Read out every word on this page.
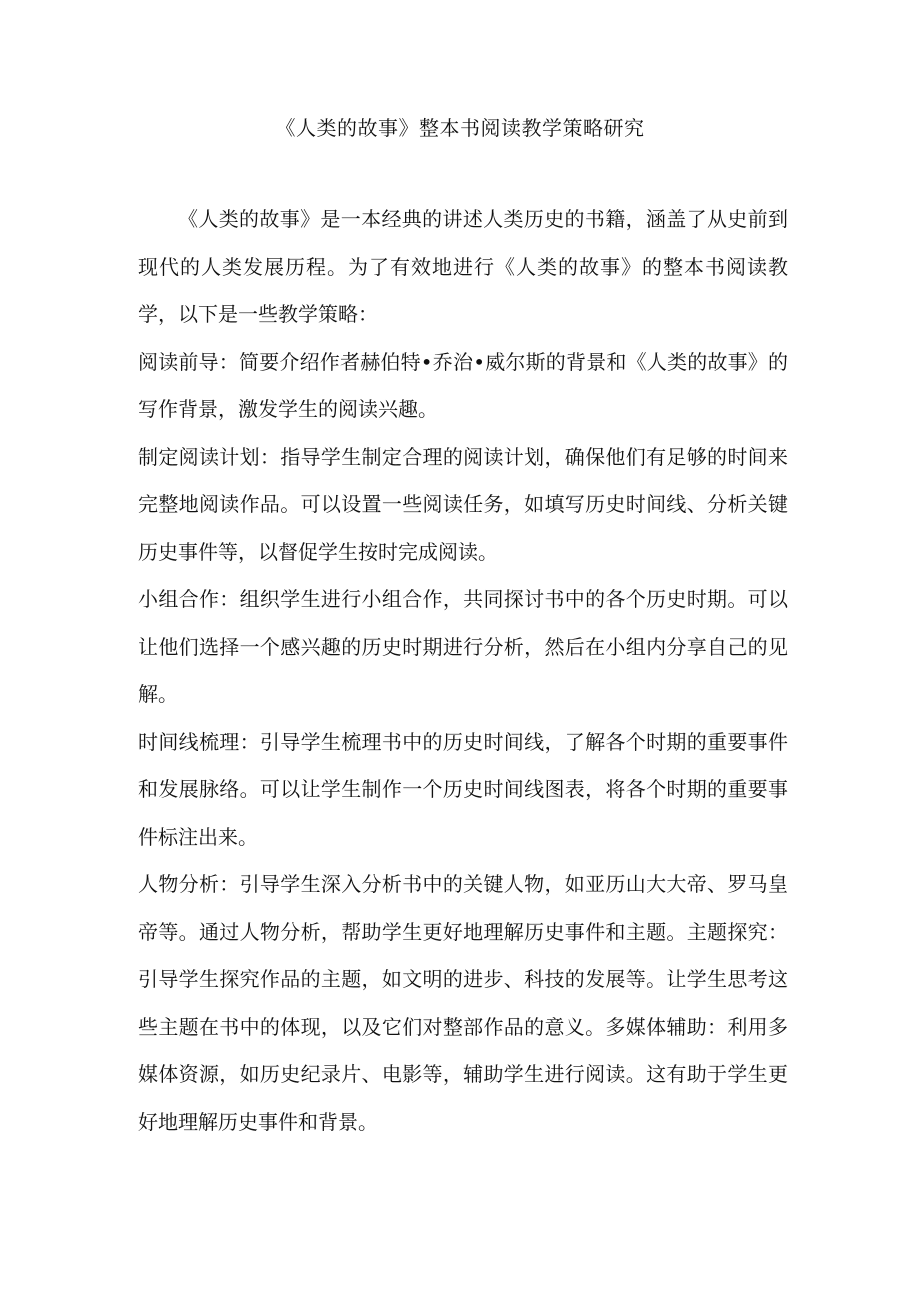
《人类的故事》整本书阅读教学策略研究

《人类的故事》是一本经典的讲述人类历史的书籍，涵盖了从史前到现代的人类发展历程。为了有效地进行《人类的故事》的整本书阅读教学，以下是一些教学策略：

阅读前导：简要介绍作者赫伯特•乔治•威尔斯的背景和《人类的故事》的写作背景，激发学生的阅读兴趣。

制定阅读计划：指导学生制定合理的阅读计划，确保他们有足够的时间来完整地阅读作品。可以设置一些阅读任务，如填写历史时间线、分析关键历史事件等，以督促学生按时完成阅读。

小组合作：组织学生进行小组合作，共同探讨书中的各个历史时期。可以让他们选择一个感兴趣的历史时期进行分析，然后在小组内分享自己的见解。

时间线梳理：引导学生梳理书中的历史时间线，了解各个时期的重要事件和发展脉络。可以让学生制作一个历史时间线图表，将各个时期的重要事件标注出来。

人物分析：引导学生深入分析书中的关键人物，如亚历山大大帝、罗马皇帝等。通过人物分析，帮助学生更好地理解历史事件和主题。主题探究：引导学生探究作品的主题，如文明的进步、科技的发展等。让学生思考这些主题在书中的体现，以及它们对整部作品的意义。多媒体辅助：利用多媒体资源，如历史纪录片、电影等，辅助学生进行阅读。这有助于学生更好地理解历史事件和背景。
